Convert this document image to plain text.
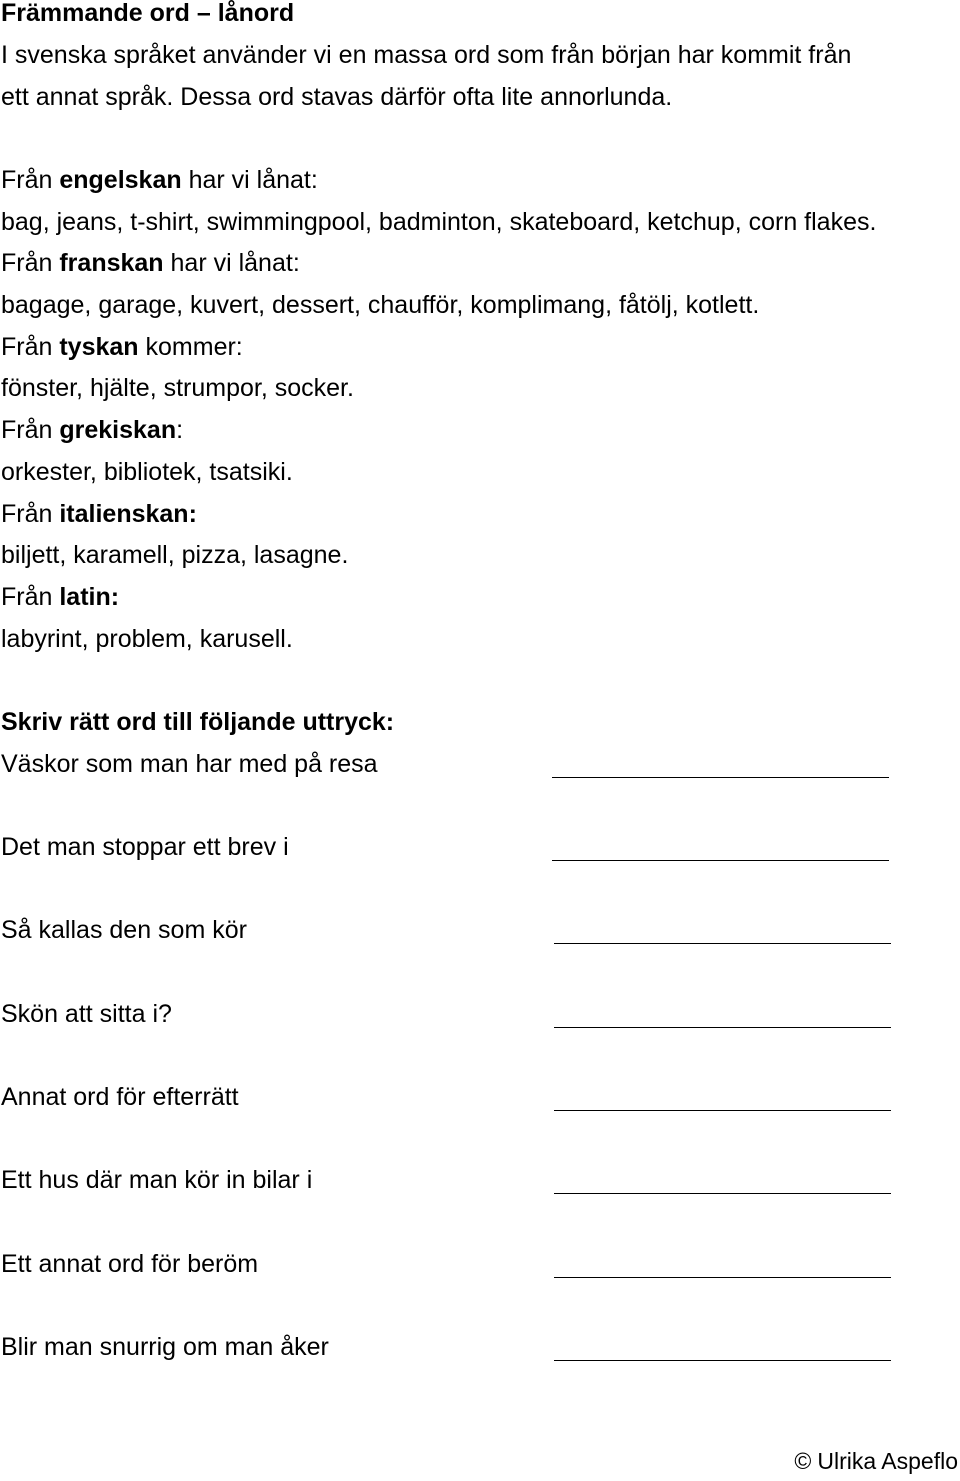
Främmande ord – lånord
I svenska språket använder vi en massa ord som från början har kommit från
ett annat språk. Dessa ord stavas därför ofta lite annorlunda.
Från engelskan har vi lånat:
bag, jeans, t-shirt, swimmingpool, badminton, skateboard, ketchup, corn flakes.
Från franskan har vi lånat:
bagage, garage, kuvert, dessert, chaufför, komplimang, fåtölj, kotlett.
Från tyskan kommer:
fönster, hjälte, strumpor, socker.
Från grekiskan:
orkester, bibliotek, tsatsiki.
Från italienskan:
biljett, karamell, pizza, lasagne.
Från latin:
labyrint, problem, karusell.
Skriv rätt ord till följande uttryck:
Väskor som man har med på resa
Det man stoppar ett brev i
Så kallas den som kör
Skön att sitta i?
Annat ord för efterrätt
Ett hus där man kör in bilar i
Ett annat ord för beröm
Blir man snurrig om man åker
© Ulrika Aspeflo
